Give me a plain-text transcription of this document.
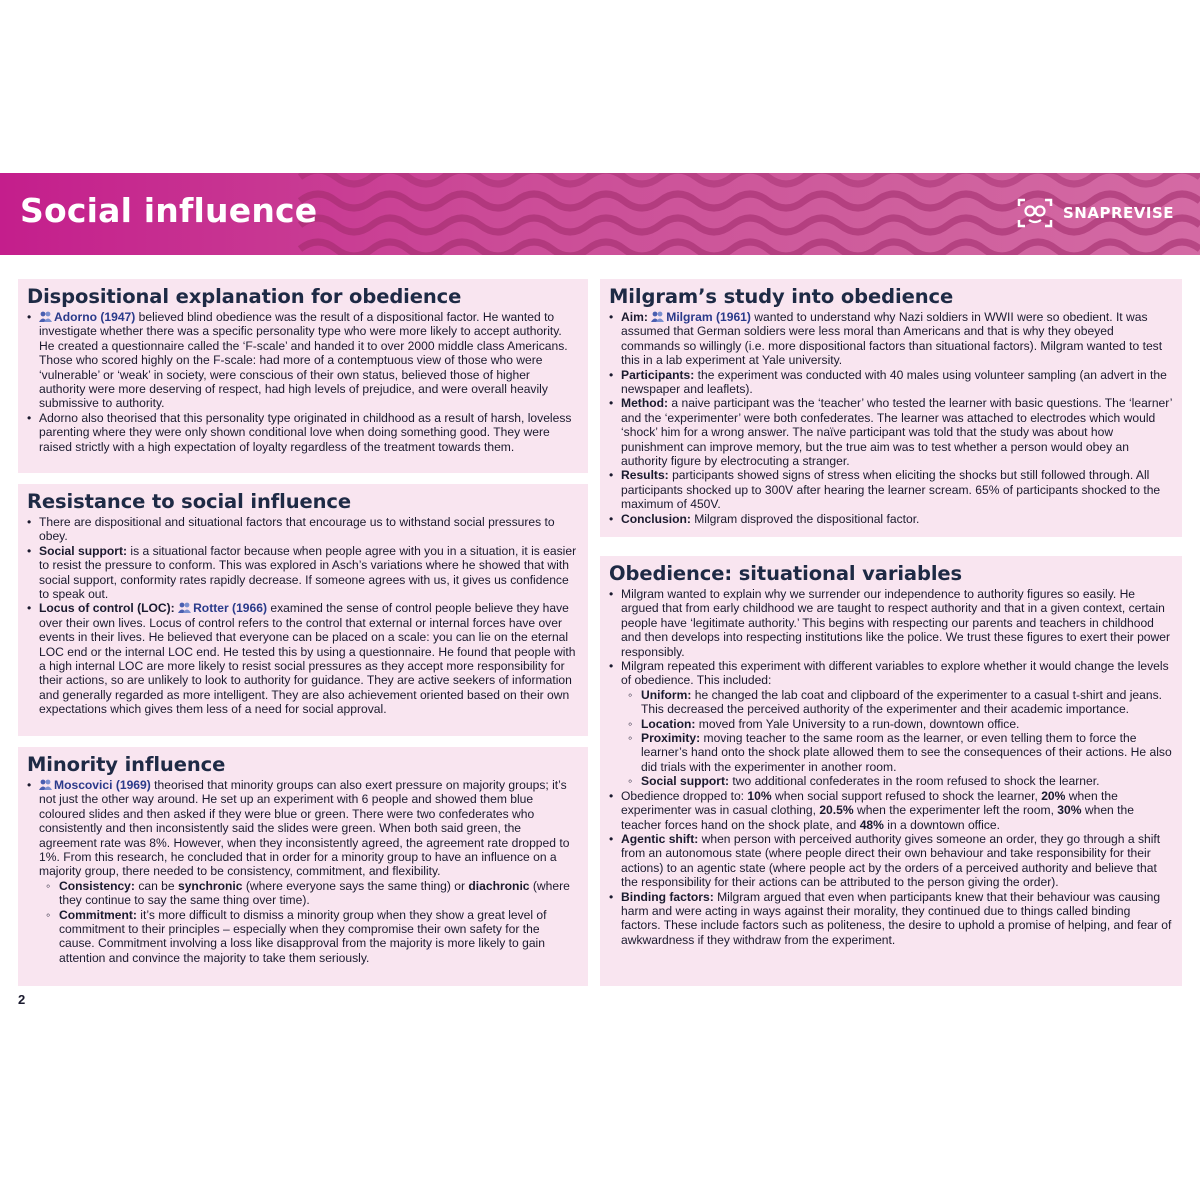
Social influence	SNAPREVISE
Dispositional explanation for obedience
• Adorno (1947) believed blind obedience was the result of a dispositional factor. He wanted to investigate whether there was a specific personality type who were more likely to accept authority. He created a questionnaire called the ‘F-scale’ and handed it to over 2000 middle class Americans. Those who scored highly on the F-scale: had more of a contemptuous view of those who were ‘vulnerable’ or ‘weak’ in society, were conscious of their own status, believed those of higher authority were more deserving of respect, had high levels of prejudice, and were overall heavily submissive to authority.
• Adorno also theorised that this personality type originated in childhood as a result of harsh, loveless parenting where they were only shown conditional love when doing something good. They were raised strictly with a high expectation of loyalty regardless of the treatment towards them.
Resistance to social influence
• There are dispositional and situational factors that encourage us to withstand social pressures to obey.
• Social support: is a situational factor because when people agree with you in a situation, it is easier to resist the pressure to conform. This was explored in Asch’s variations where he showed that with social support, conformity rates rapidly decrease. If someone agrees with us, it gives us confidence to speak out.
• Locus of control (LOC): Rotter (1966) examined the sense of control people believe they have over their own lives. Locus of control refers to the control that external or internal forces have over events in their lives. He believed that everyone can be placed on a scale: you can lie on the eternal LOC end or the internal LOC end. He tested this by using a questionnaire. He found that people with a high internal LOC are more likely to resist social pressures as they accept more responsibility for their actions, so are unlikely to look to authority for guidance. They are active seekers of information and generally regarded as more intelligent. They are also achievement oriented based on their own expectations which gives them less of a need for social approval.
Minority influence
• Moscovici (1969) theorised that minority groups can also exert pressure on majority groups; it’s not just the other way around. He set up an experiment with 6 people and showed them blue coloured slides and then asked if they were blue or green. There were two confederates who consistently and then inconsistently said the slides were green. When both said green, the agreement rate was 8%. However, when they inconsistently agreed, the agreement rate dropped to 1%. From this research, he concluded that in order for a minority group to have an influence on a majority group, there needed to be consistency, commitment, and flexibility.
◦ Consistency: can be synchronic (where everyone says the same thing) or diachronic (where they continue to say the same thing over time).
◦ Commitment: it’s more difficult to dismiss a minority group when they show a great level of commitment to their principles – especially when they compromise their own safety for the cause. Commitment involving a loss like disapproval from the majority is more likely to gain attention and convince the majority to take them seriously.
Milgram’s study into obedience
• Aim: Milgram (1961) wanted to understand why Nazi soldiers in WWII were so obedient. It was assumed that German soldiers were less moral than Americans and that is why they obeyed commands so willingly (i.e. more dispositional factors than situational factors). Milgram wanted to test this in a lab experiment at Yale university.
• Participants: the experiment was conducted with 40 males using volunteer sampling (an advert in the newspaper and leaflets).
• Method: a naive participant was the ‘teacher’ who tested the learner with basic questions. The ‘learner’ and the ‘experimenter’ were both confederates. The learner was attached to electrodes which would ‘shock’ him for a wrong answer. The naïve participant was told that the study was about how punishment can improve memory, but the true aim was to test whether a person would obey an authority figure by electrocuting a stranger.
• Results: participants showed signs of stress when eliciting the shocks but still followed through. All participants shocked up to 300V after hearing the learner scream. 65% of participants shocked to the maximum of 450V.
• Conclusion: Milgram disproved the dispositional factor.
Obedience: situational variables
• Milgram wanted to explain why we surrender our independence to authority figures so easily. He argued that from early childhood we are taught to respect authority and that in a given context, certain people have ‘legitimate authority.’ This begins with respecting our parents and teachers in childhood and then develops into respecting institutions like the police. We trust these figures to exert their power responsibly.
• Milgram repeated this experiment with different variables to explore whether it would change the levels of obedience. This included:
◦ Uniform: he changed the lab coat and clipboard of the experimenter to a casual t-shirt and jeans. This decreased the perceived authority of the experimenter and their academic importance.
◦ Location: moved from Yale University to a run-down, downtown office.
◦ Proximity: moving teacher to the same room as the learner, or even telling them to force the learner’s hand onto the shock plate allowed them to see the consequences of their actions. He also did trials with the experimenter in another room.
◦ Social support: two additional confederates in the room refused to shock the learner.
• Obedience dropped to: 10% when social support refused to shock the learner, 20% when the experimenter was in casual clothing, 20.5% when the experimenter left the room, 30% when the teacher forces hand on the shock plate, and 48% in a downtown office.
• Agentic shift: when person with perceived authority gives someone an order, they go through a shift from an autonomous state (where people direct their own behaviour and take responsibility for their actions) to an agentic state (where people act by the orders of a perceived authority and believe that the responsibility for their actions can be attributed to the person giving the order).
• Binding factors: Milgram argued that even when participants knew that their behaviour was causing harm and were acting in ways against their morality, they continued due to things called binding factors. These include factors such as politeness, the desire to uphold a promise of helping, and fear of awkwardness if they withdraw from the experiment.
2
